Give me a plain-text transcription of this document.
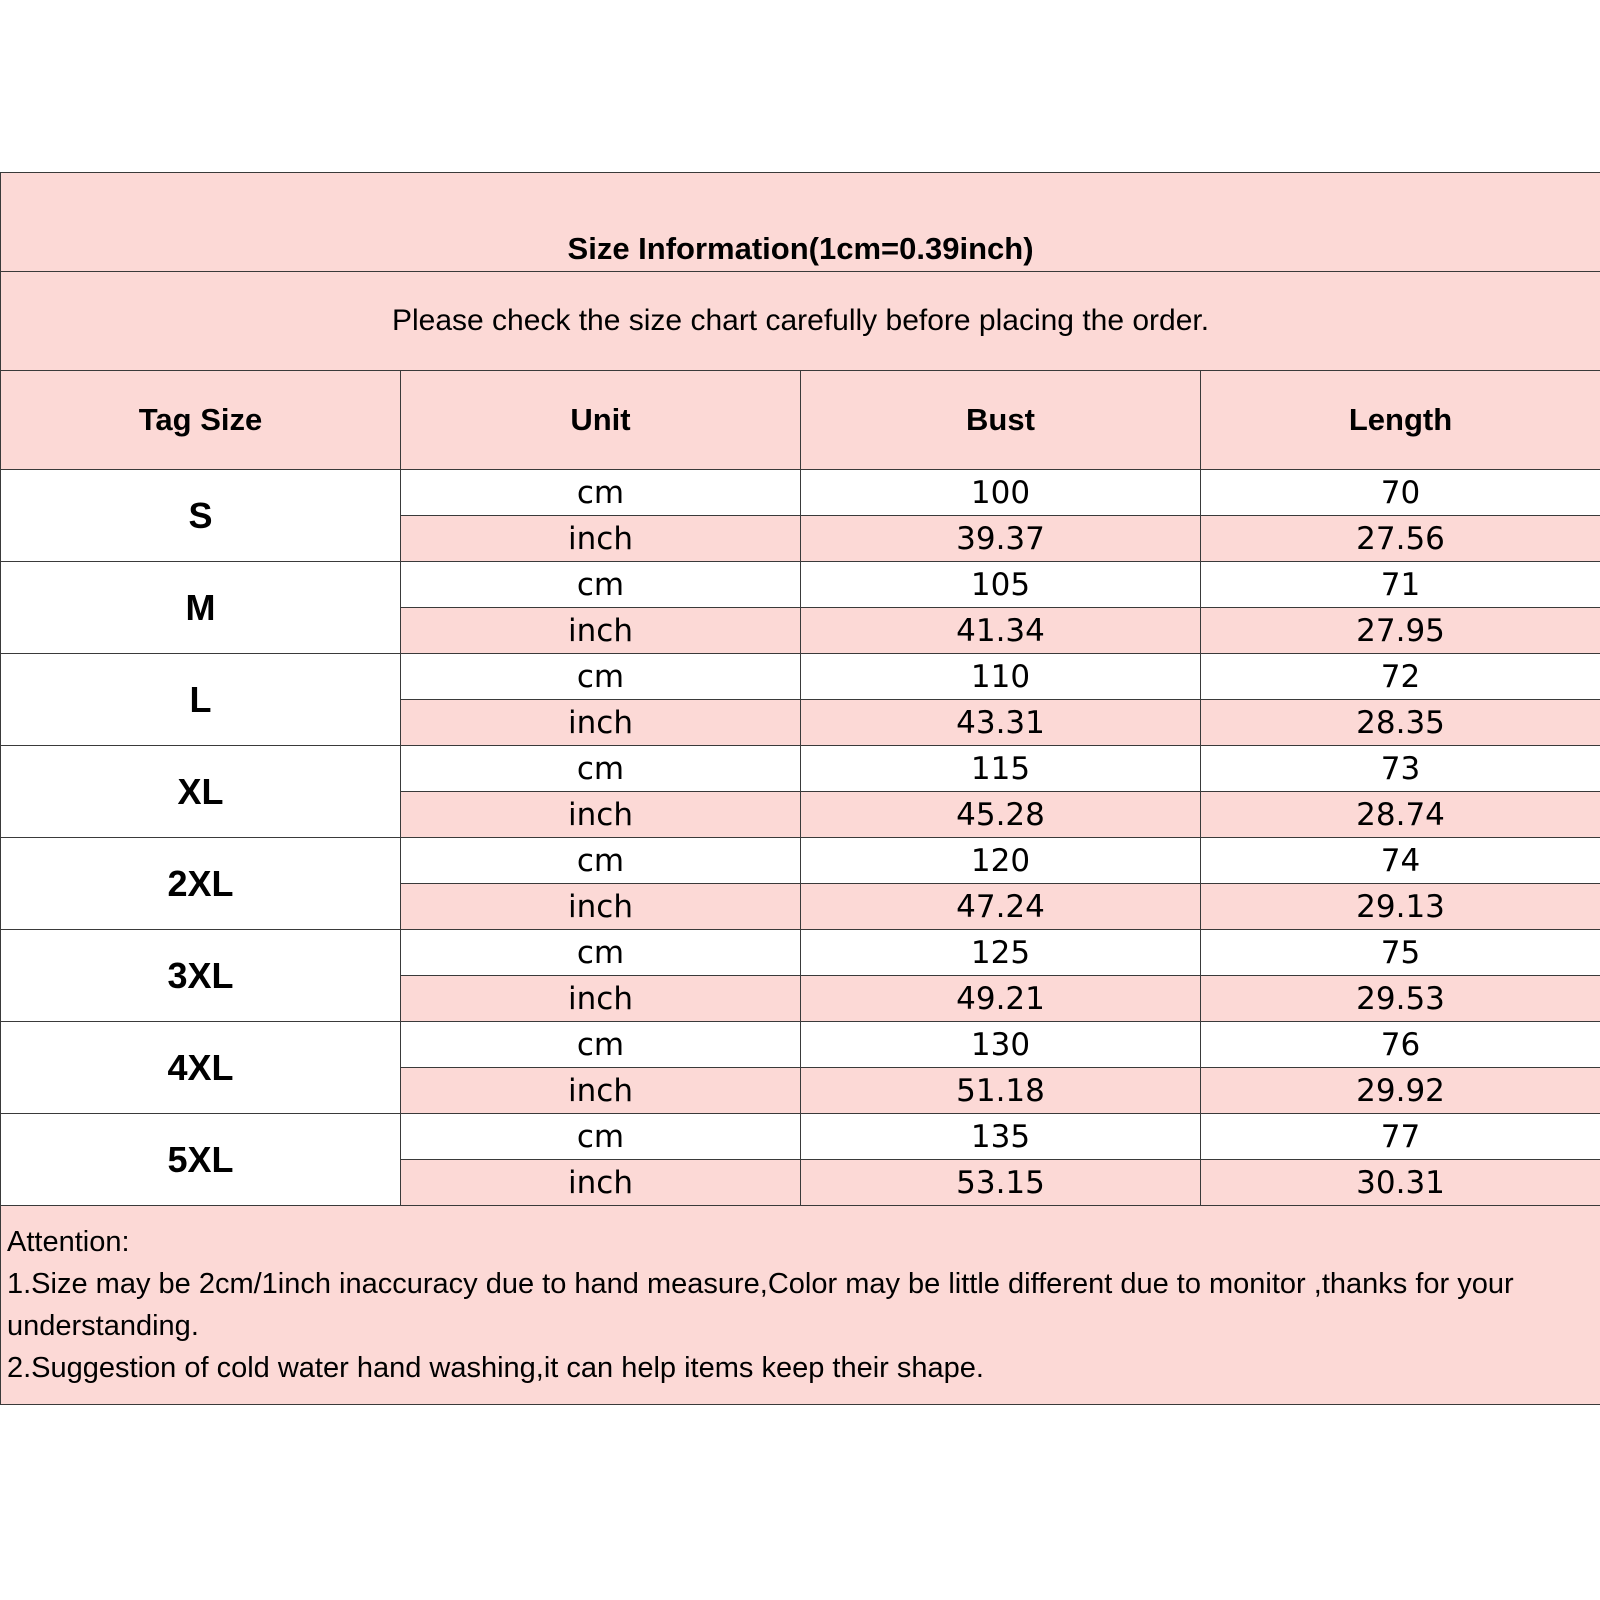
Size Information(1cm=0.39inch)			
Please check the size chart carefully before placing the order.			
Tag Size	Unit	Bust	Length
S	cm	100	70
	inch	39.37	27.56
M	cm	105	71
	inch	41.34	27.95
L	cm	110	72
	inch	43.31	28.35
XL	cm	115	73
	inch	45.28	28.74
2XL	cm	120	74
	inch	47.24	29.13
3XL	cm	125	75
	inch	49.21	29.53
4XL	cm	130	76
	inch	51.18	29.92
5XL	cm	135	77
	inch	53.15	30.31

Attention:
1.Size may be 2cm/1inch inaccuracy due to hand measure,Color may be little different due to monitor ,thanks for your understanding.
2.Suggestion of cold water hand washing,it can help items keep their shape.			
